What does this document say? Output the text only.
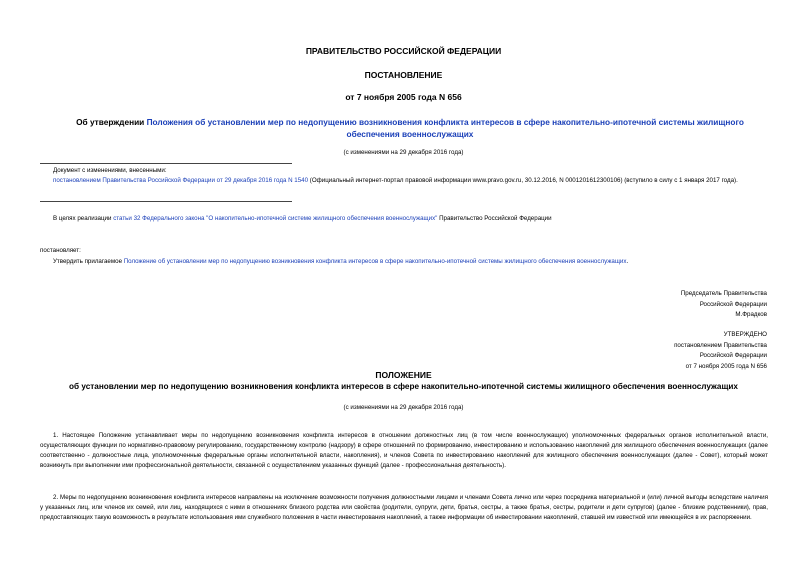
ПРАВИТЕЛЬСТВО РОССИЙСКОЙ ФЕДЕРАЦИИ
ПОСТАНОВЛЕНИЕ
от 7 ноября 2005 года N 656
Об утверждении Положения об установлении мер по недопущению возникновения конфликта интересов в сфере накопительно-ипотечной системы жилищного обеспечения военнослужащих
(с изменениями на 29 декабря 2016 года)
Документ с изменениями, внесенными:
постановлением Правительства Российской Федерации от 29 декабря 2016 года N 1540 (Официальный интернет-портал правовой информации www.pravo.gov.ru, 30.12.2016, N 0001201612300106) (вступило в силу с 1 января 2017 года).
В целях реализации статьи 32 Федерального закона "О накопительно-ипотечной системе жилищного обеспечения военнослужащих" Правительство Российской Федерации
постановляет:
Утвердить прилагаемое Положение об установлении мер по недопущению возникновения конфликта интересов в сфере накопительно-ипотечной системы жилищного обеспечения военнослужащих.
Председатель Правительства
Российской Федерации
М.Фрадков
УТВЕРЖДЕНО
постановлением Правительства
Российской Федерации
от 7 ноября 2005 года N 656
ПОЛОЖЕНИЕ
об установлении мер по недопущению возникновения конфликта интересов в сфере накопительно-ипотечной системы жилищного обеспечения военнослужащих
(с изменениями на 29 декабря 2016 года)
1. Настоящее Положение устанавливает меры по недопущению возникновения конфликта интересов в отношении должностных лиц (в том числе военнослужащих) уполномоченных федеральных органов исполнительной власти, осуществляющих функции по нормативно-правовому регулированию, государственному контролю (надзору) в сфере отношений по формированию, инвестированию и использованию накоплений для жилищного обеспечения военнослужащих (далее соответственно - должностные лица, уполномоченные федеральные органы исполнительной власти, накопления), и членов Совета по инвестированию накоплений для жилищного обеспечения военнослужащих (далее - Совет), который может возникнуть при выполнении ими профессиональной деятельности, связанной с осуществлением указанных функций (далее - профессиональная деятельность).
2. Меры по недопущению возникновения конфликта интересов направлены на исключение возможности получения должностными лицами и членами Совета лично или через посредника материальной и (или) личной выгоды вследствие наличия у указанных лиц, или членов их семей, или лиц, находящихся с ними в отношениях близкого родства или свойства (родители, супруги, дети, братья, сестры, а также братья, сестры, родители и дети супругов) (далее - близкие родственники), прав, предоставляющих такую возможность в результате использования ими служебного положения в части инвестирования накоплений, а также информации об инвестировании накоплений, ставшей им известной или имеющейся в их распоряжении.
